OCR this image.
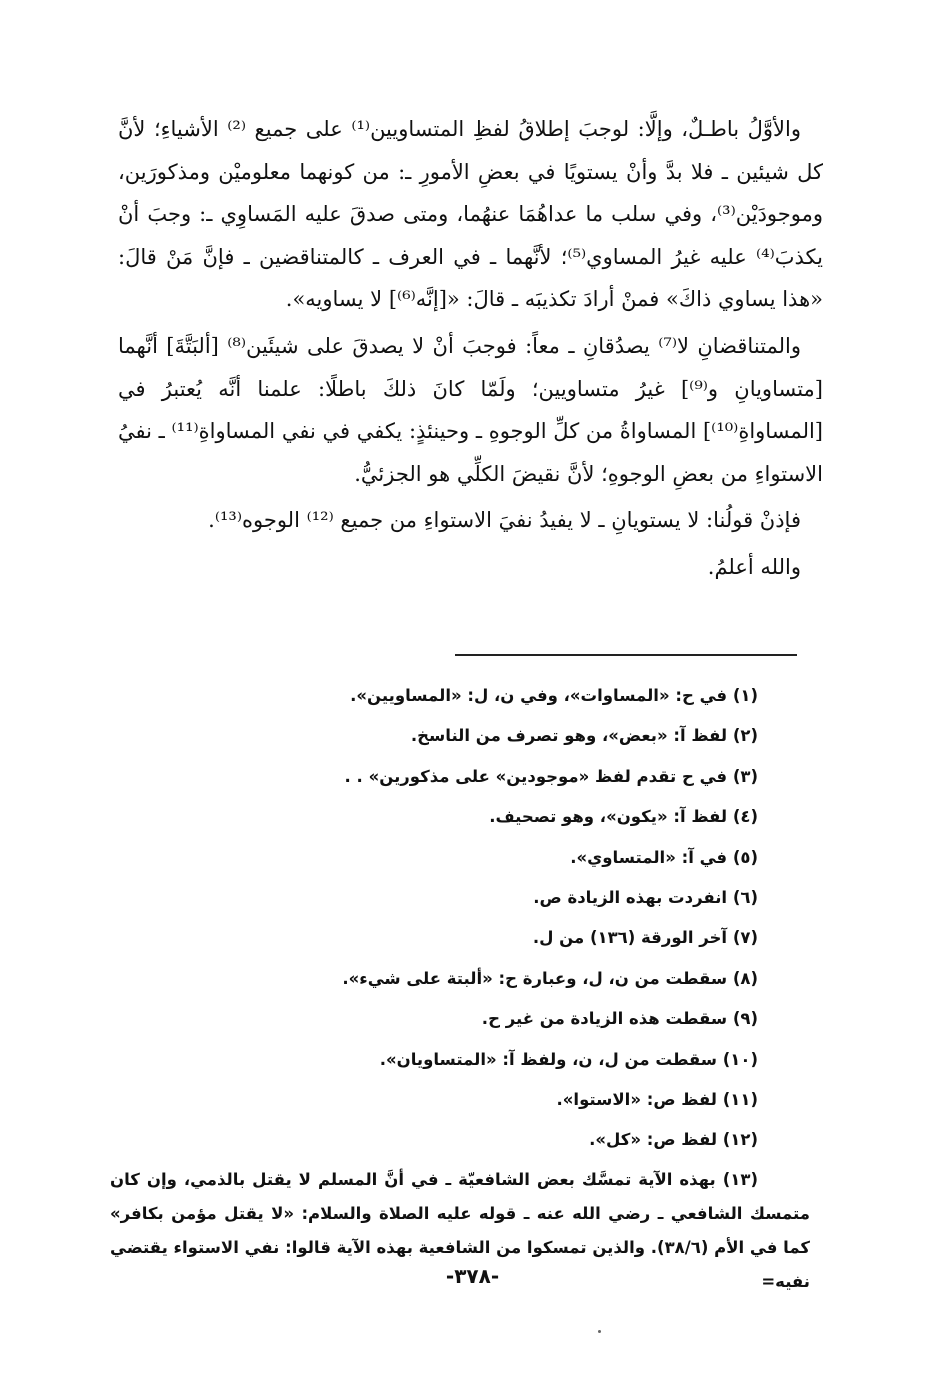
والأوَّلُ باطـلٌ، وإلَّا: لوجبَ إطلاقُ لفظِ المتساويين⁽¹⁾ على جميع ⁽²⁾ الأشياءِ؛ لأنَّ كل شيئين ـ فلا بدَّ وأنْ يستويًا في بعضِ الأمورِ ـ: من كونهما معلوميْن ومذكورَين، وموجودَيْن⁽³⁾، وفي سلب ما عداهُمَا عنهُما، ومتى صدقَ عليه المَساوِي ـ: وجبَ أنْ يكذبَ⁽⁴⁾ عليه غيرُ المساوي⁽⁵⁾؛ لأنَّهما ـ في العرف ـ كالمتناقضين ـ فإنَّ مَنْ قالَ: «هذا يساوي ذاكَ» فمنْ أرادَ تكذيبَه ـ قالَ: «[إنَّه⁽⁶⁾] لا يساويه».

والمتناقضانِ لا⁽⁷⁾ يصدُقانِ ـ معاً: فوجبَ أنْ لا يصدقَ على شيئَين⁽⁸⁾ [ألبَتَّةَ] أنَّهما [متساويانِ و⁽⁹⁾] غيرُ متساويين؛ ولَمّا كانَ ذلكَ باطلًا: علمنا أنَّه يُعتبرُ في [المساواةِ⁽¹⁰⁾] المساواةُ من كلِّ الوجوهِ ـ وحينئذٍ: يكفي في نفي المساواةِ⁽¹¹⁾ ـ نفيُ الاستواءِ من بعضِ الوجوهِ؛ لأنَّ نقيضَ الكلِّي هو الجزئيُّ.

فإذنْ قولُنا: لا يستويانِ ـ لا يفيدُ نفيَ الاستواءِ من جميع ⁽¹²⁾ الوجوه⁽¹³⁾.

والله أعلمُ.

(١) في ح: «المساوات»، وفي ن، ل: «المساويين».

(٢) لفظ آ: «بعض»، وهو تصرف من الناسخ.

(٣) في ح تقدم لفظ «موجودين» على مذكورين» . .

(٤) لفظ آ: «يكون»، وهو تصحيف.

(٥) في آ: «المتساوي».

(٦) انفردت بهذه الزيادة ص.

(٧) آخر الورقة (١٣٦) من ل.

(٨) سقطت من ن، ل، وعبارة ح: «ألبتة على شيء».

(٩) سقطت هذه الزيادة من غير ح.

(١٠) سقطت من ل، ن، ولفظ آ: «المتساويان».

(١١) لفظ ص: «الاستوا».

(١٢) لفظ ص: «كل».

(١٣) بهذه الآية تمسَّك بعض الشافعيّة ـ في أنَّ المسلم لا يقتل بالذمي، وإن كان متمسك الشافعي ـ رضي الله عنه ـ قوله عليه الصلاة والسلام: «لا يقتل مؤمن بكافر» كما في الأم (٣٨/٦). والذين تمسكوا من الشافعية بهذه الآية قالوا: نفي الاستواء يقتضي نفيه=

-٣٧٨-
